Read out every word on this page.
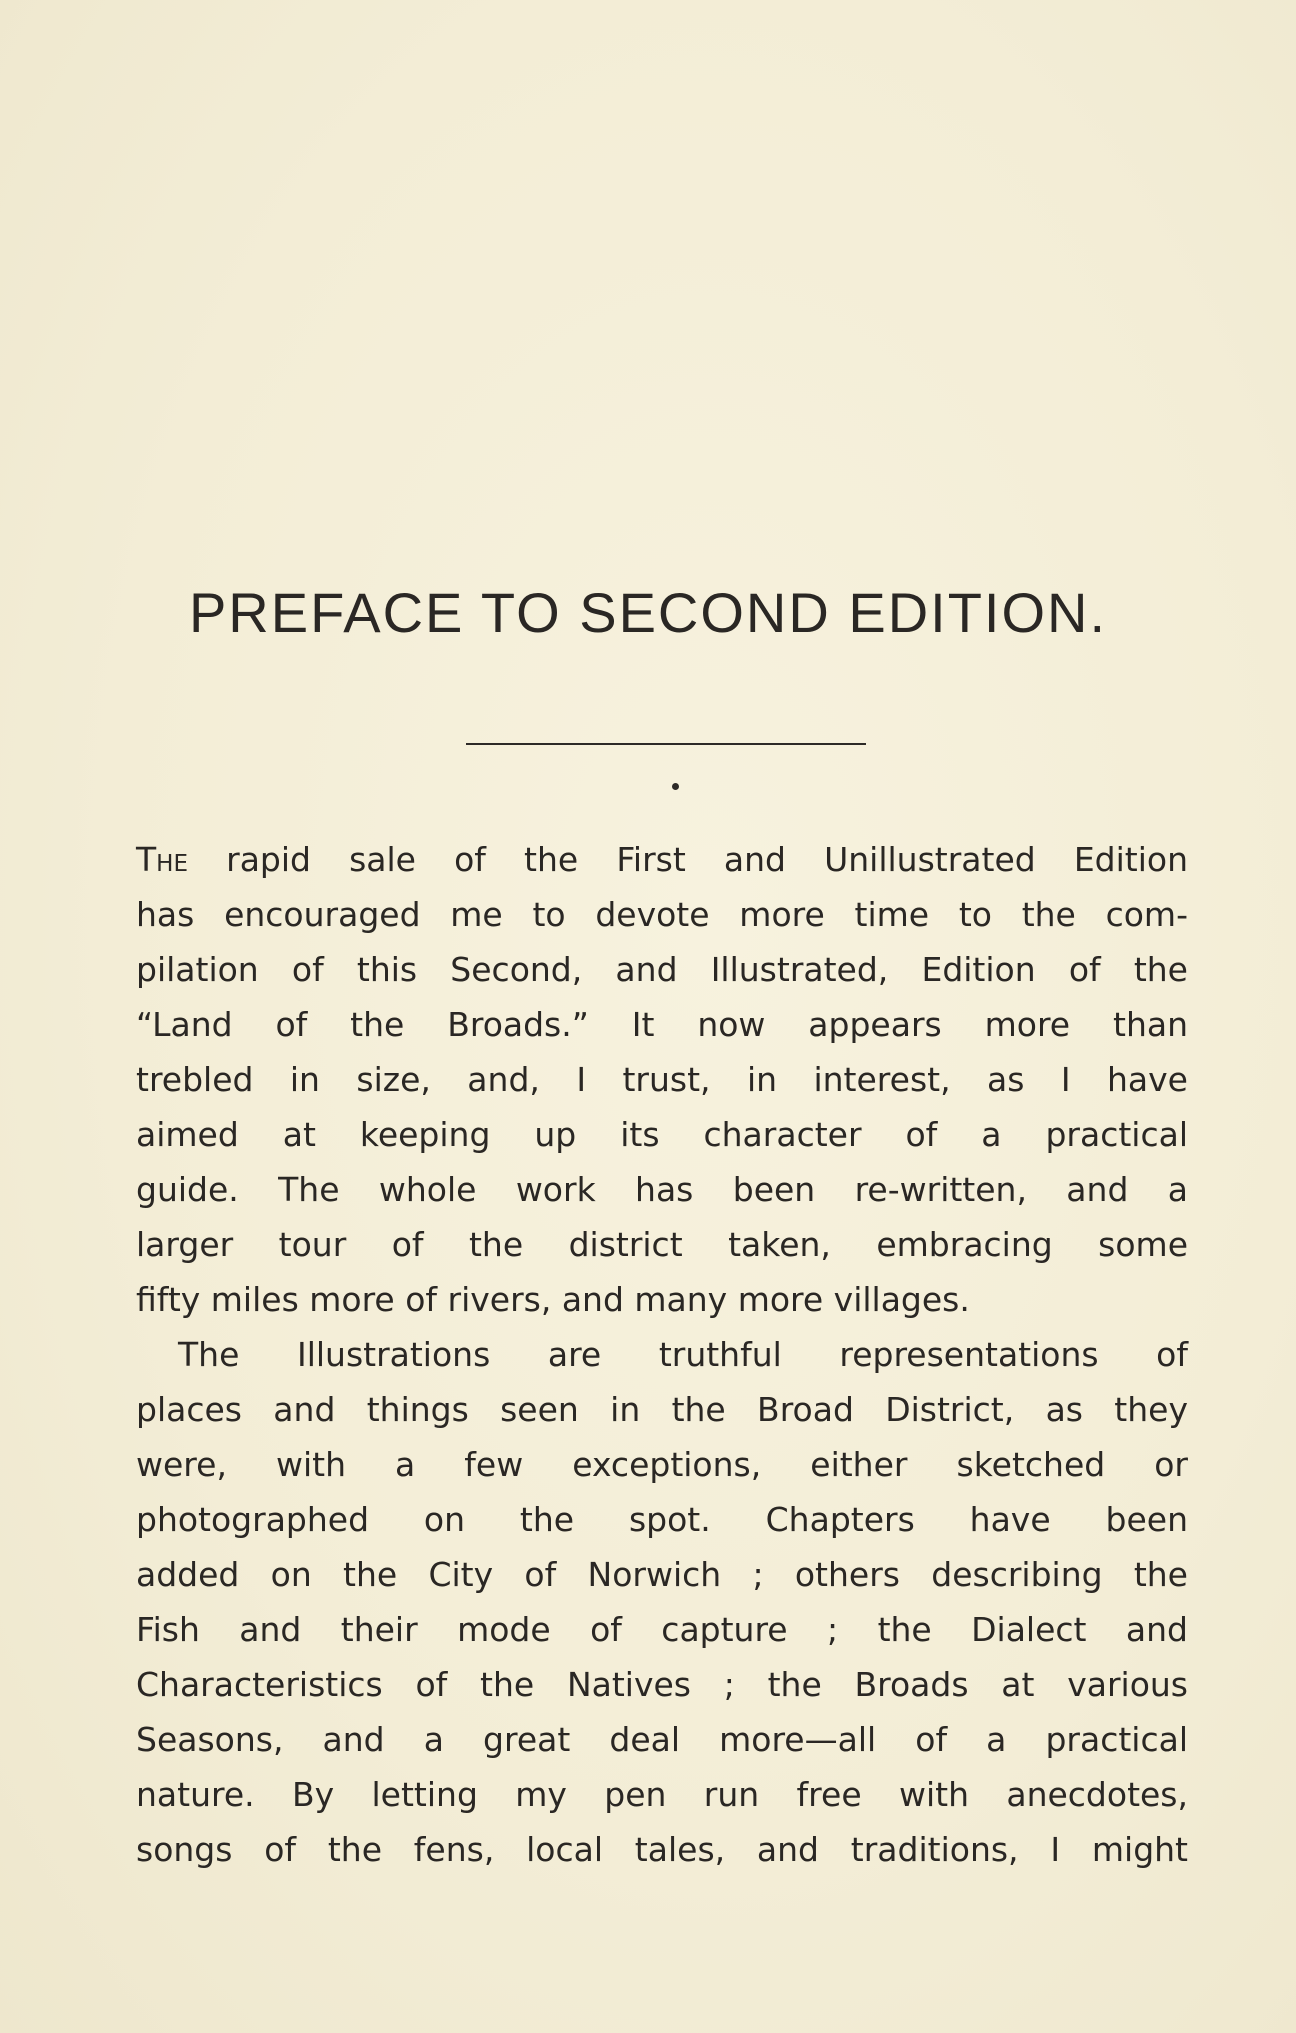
PREFACE TO SECOND EDITION.
The rapid sale of the First and Unillustrated Edition
has encouraged me to devote more time to the com-
pilation of this Second, and Illustrated, Edition of the
“Land of the Broads.” It now appears more than
trebled in size, and, I trust, in interest, as I have
aimed at keeping up its character of a practical
guide. The whole work has been re-written, and a
larger tour of the district taken, embracing some
fifty miles more of rivers, and many more villages.
The Illustrations are truthful representations of
places and things seen in the Broad District, as they
were, with a few exceptions, either sketched or
photographed on the spot. Chapters have been
added on the City of Norwich ; others describing the
Fish and their mode of capture ; the Dialect and
Characteristics of the Natives ; the Broads at various
Seasons, and a great deal more—all of a practical
nature. By letting my pen run free with anecdotes,
songs of the fens, local tales, and traditions, I might
